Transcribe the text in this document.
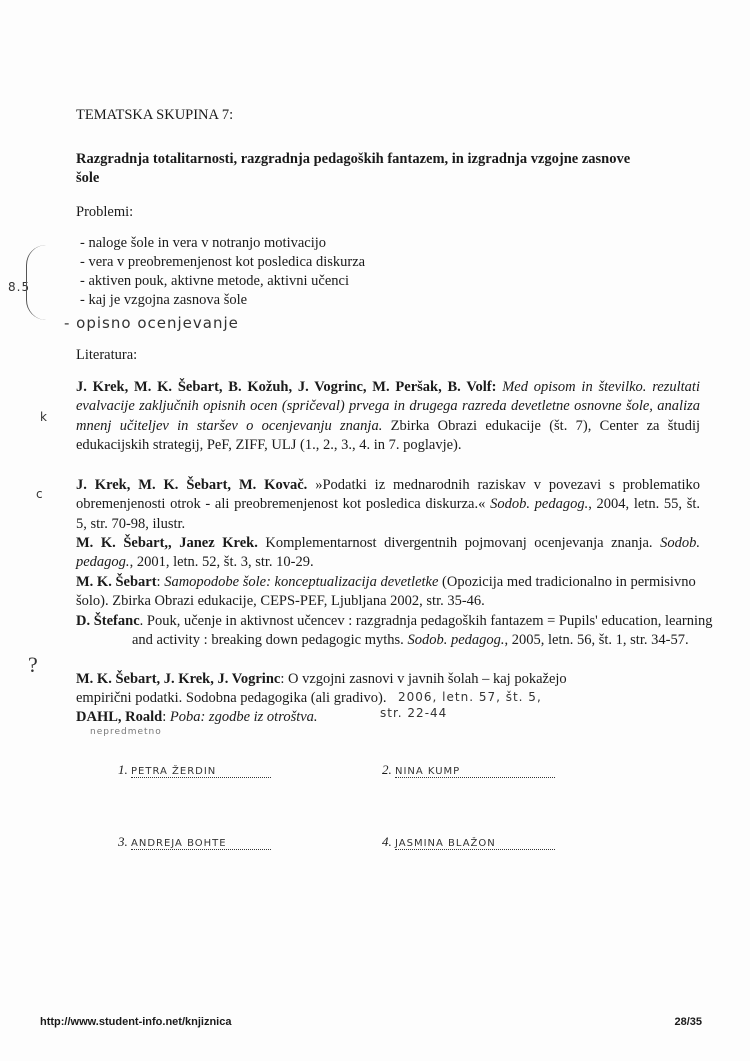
TEMATSKA SKUPINA 7:
Razgradnja totalitarnosti, razgradnja pedagoških fantazem, in izgradnja vzgojne zasnove šole
Problemi:
- naloge šole in vera v notranjo motivacijo
- vera v preobremenjenost kot posledica diskurza
- aktiven pouk, aktivne metode, aktivni učenci
- kaj je vzgojna zasnova šole
- opisno ocenjevanje
8.5
Literatura:
k
c
?
J. Krek, M. K. Šebart, B. Kožuh, J. Vogrinc, M. Peršak, B. Volf: Med opisom in številko. rezultati evalvacije zaključnih opisnih ocen (spričeval) prvega in drugega razreda devetletne osnovne šole, analiza mnenj učiteljev in staršev o ocenjevanju znanja. Zbirka Obrazi edukacije (št. 7), Center za študij edukacijskih strategij, PeF, ZIFF, ULJ (1., 2., 3., 4. in 7. poglavje).
J. Krek, M. K. Šebart, M. Kovač. »Podatki iz mednarodnih raziskav v povezavi s problematiko obremenjenosti otrok - ali preobremenjenost kot posledica diskurza.« Sodob. pedagog., 2004, letn. 55, št. 5, str. 70-98, ilustr.
M. K. Šebart,, Janez Krek. Komplementarnost divergentnih pojmovanj ocenjevanja znanja. Sodob. pedagog., 2001, letn. 52, št. 3, str. 10-29.
M. K. Šebart: Samopodobe šole: konceptualizacija devetletke (Opozicija med tradicionalno in permisivno šolo). Zbirka Obrazi edukacije, CEPS-PEF, Ljubljana 2002, str. 35-46.
D. Štefanc. Pouk, učenje in aktivnost učencev : razgradnja pedagoških fantazem = Pupils' education, learning and activity : breaking down pedagogic myths. Sodob. pedagog., 2005, letn. 56, št. 1, str. 34-57.
M. K. Šebart, J. Krek, J. Vogrinc: O vzgojni zasnovi v javnih šolah – kaj pokažejo empirični podatki. Sodobna pedagogika (ali gradivo). 2006, letn. 57, št. 5,
str. 22-44
DAHL, Roald: Poba: zgodbe iz otroštva.
nepredmetno
1. PETRA ŽERDIN	2. NINA KUMP
3. ANDREJA BOHTE	4. JASMINA BLAŽON
http://www.student-info.net/knjiznica	28/35
